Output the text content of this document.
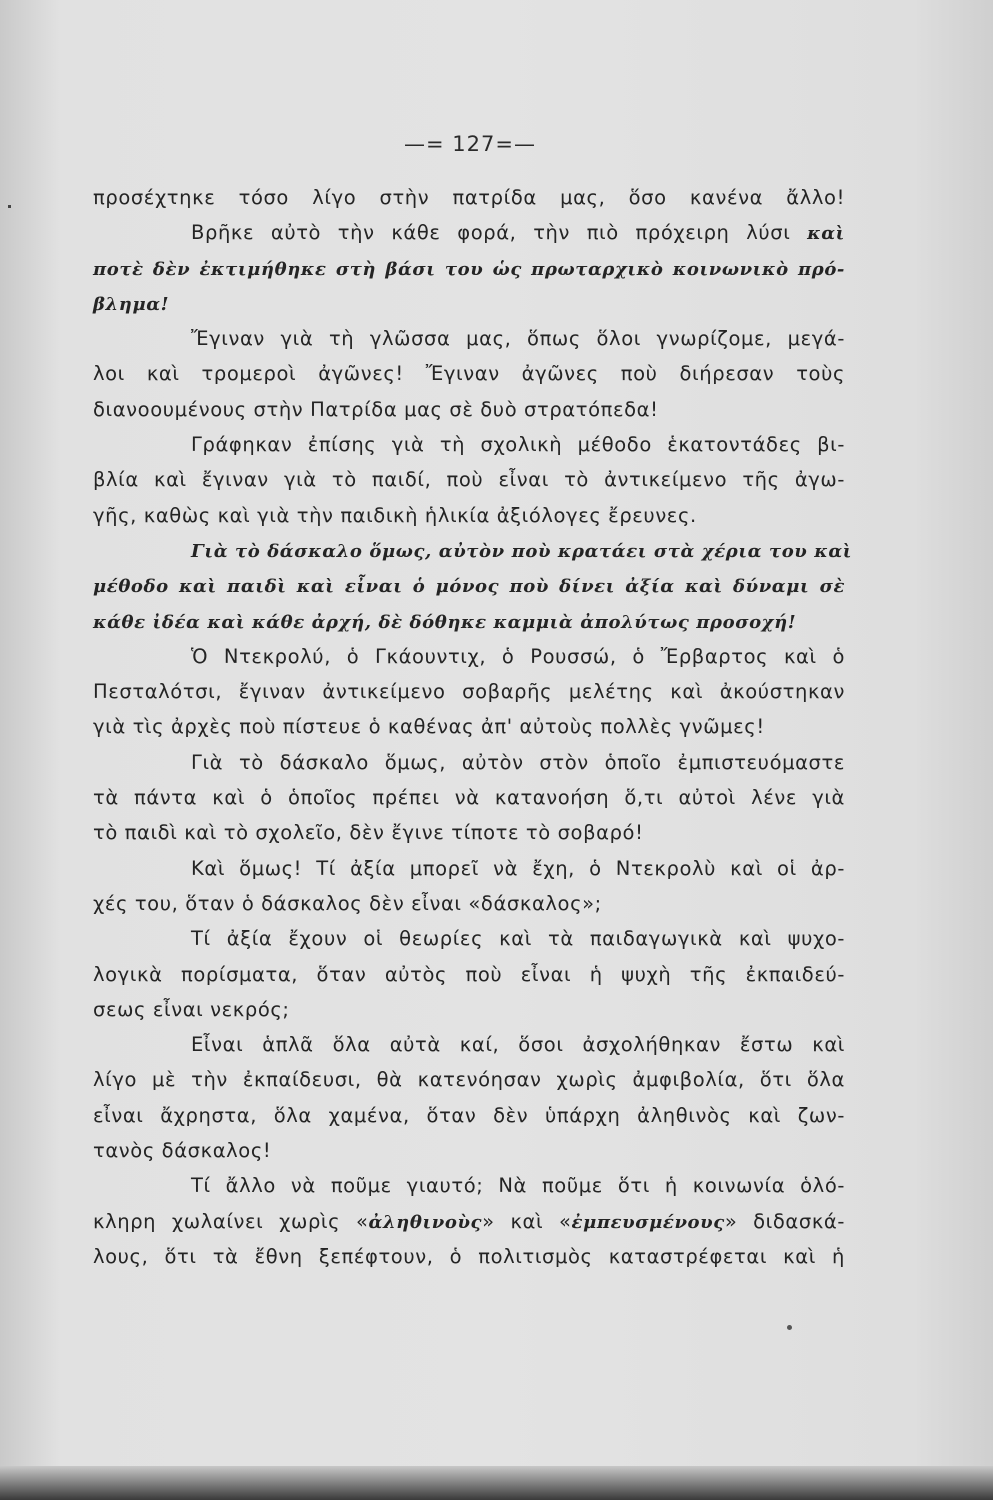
—= 127=—
προσέχτηκε τόσο λίγο στὴν πατρίδα μας, ὅσο κανένα ἄλλο!
Βρῆκε αὐτὸ τὴν κάθε φορά, τὴν πιὸ πρόχειρη λύσι καὶ
ποτὲ δὲν ἐκτιμήθηκε στὴ βάσι του ὡς πρωταρχικὸ κοινωνικὸ πρό-
βλημα!
Ἔγιναν γιὰ τὴ γλῶσσα μας, ὅπως ὅλοι γνωρίζομε, μεγά-
λοι καὶ τρομεροὶ ἀγῶνες! Ἔγιναν ἀγῶνες ποὺ διήρεσαν τοὺς
διανοουμένους στὴν Πατρίδα μας σὲ δυὸ στρατόπεδα!
Γράφηκαν ἐπίσης γιὰ τὴ σχολικὴ μέθοδο ἑκατοντάδες βι-
βλία καὶ ἔγιναν γιὰ τὸ παιδί, ποὺ εἶναι τὸ ἀντικείμενο τῆς ἀγω-
γῆς, καθὼς καὶ γιὰ τὴν παιδικὴ ἡλικία ἀξιόλογες ἔρευνες.
Γιὰ τὸ δάσκαλο ὅμως, αὐτὸν ποὺ κρατάει στὰ χέρια του καὶ
μέθοδο καὶ παιδὶ καὶ εἶναι ὁ μόνος ποὺ δίνει ἀξία καὶ δύναμι σὲ
κάθε ἰδέα καὶ κάθε ἀρχή, δὲ δόθηκε καμμιὰ ἀπολύτως προσοχή!
Ὁ Ντεκρολύ, ὁ Γκάουντιχ, ὁ Ρουσσώ, ὁ Ἔρβαρτος καὶ ὁ
Πεσταλότσι, ἔγιναν ἀντικείμενο σοβαρῆς μελέτης καὶ ἀκούστηκαν
γιὰ τὶς ἀρχὲς ποὺ πίστευε ὁ καθένας ἀπ' αὐτοὺς πολλὲς γνῶμες!
Γιὰ τὸ δάσκαλο ὅμως, αὐτὸν στὸν ὁποῖο ἐμπιστευόμαστε
τὰ πάντα καὶ ὁ ὁποῖος πρέπει νὰ κατανοήση ὅ,τι αὐτοὶ λένε γιὰ
τὸ παιδὶ καὶ τὸ σχολεῖο, δὲν ἔγινε τίποτε τὸ σοβαρό!
Καὶ ὅμως! Τί ἀξία μπορεῖ νὰ ἔχη, ὁ Ντεκρολὺ καὶ οἱ ἀρ-
χές του, ὅταν ὁ δάσκαλος δὲν εἶναι «δάσκαλος»;
Τί ἀξία ἔχουν οἱ θεωρίες καὶ τὰ παιδαγωγικὰ καὶ ψυχο-
λογικὰ πορίσματα, ὅταν αὐτὸς ποὺ εἶναι ἡ ψυχὴ τῆς ἐκπαιδεύ-
σεως εἶναι νεκρός;
Εἶναι ἁπλᾶ ὅλα αὐτὰ καί, ὅσοι ἀσχολήθηκαν ἔστω καὶ
λίγο μὲ τὴν ἐκπαίδευσι, θὰ κατενόησαν χωρὶς ἀμφιβολία, ὅτι ὅλα
εἶναι ἄχρηστα, ὅλα χαμένα, ὅταν δὲν ὑπάρχη ἀληθινὸς καὶ ζων-
τανὸς δάσκαλος!
Τί ἄλλο νὰ ποῦμε γιαυτό; Νὰ ποῦμε ὅτι ἡ κοινωνία ὁλό-
κληρη χωλαίνει χωρὶς «ἀληθινοὺς» καὶ «ἐμπευσμένους» διδασκά-
λους, ὅτι τὰ ἔθνη ξεπέφτουν, ὁ πολιτισμὸς καταστρέφεται καὶ ἡ
